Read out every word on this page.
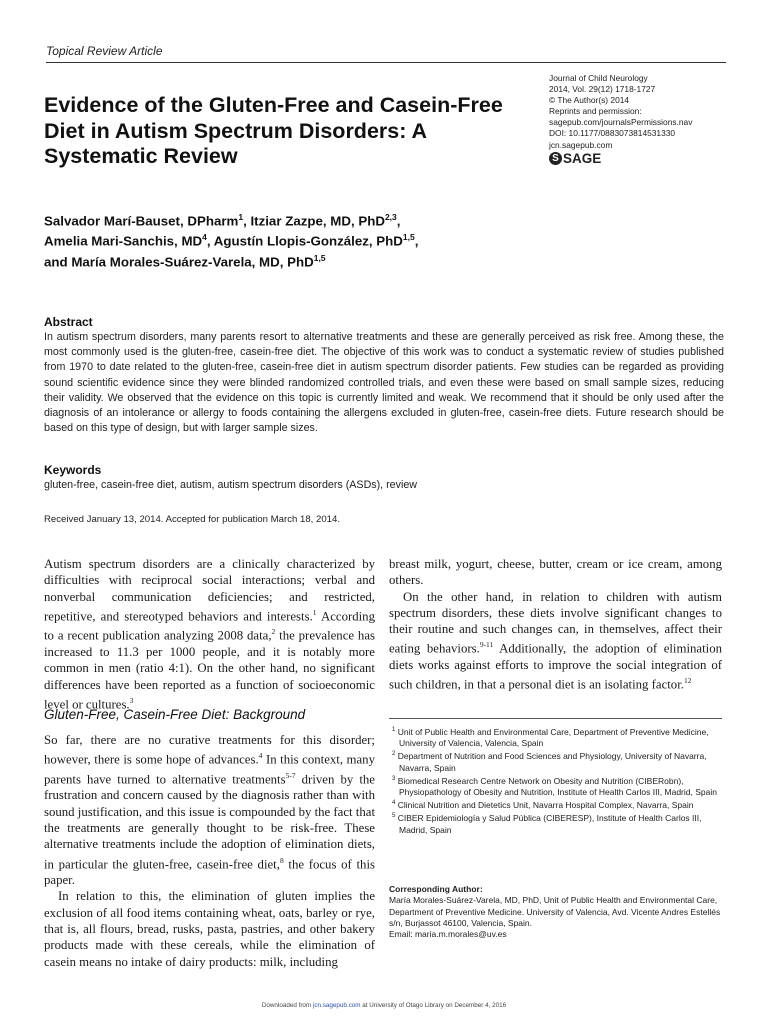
Topical Review Article
Journal of Child Neurology
2014, Vol. 29(12) 1718-1727
© The Author(s) 2014
Reprints and permission:
sagepub.com/journalsPermissions.nav
DOI: 10.1177/0883073814531330
jcn.sagepub.com
S SAGE
Evidence of the Gluten-Free and Casein-Free Diet in Autism Spectrum Disorders: A Systematic Review
Salvador Marí-Bauset, DPharm$^1$, Itziar Zazpe, MD, PhD$^{2,3}$,
Amelia Mari-Sanchis, $MD^4$, Agustín Llopis-González, PhD$^{1,5}$,
and María Morales-Suárez-Varela, MD, PhD$^{1,5}$
Abstract
In autism spectrum disorders, many parents resort to alternative treatments and these are generally perceived as risk free. Among these, the most commonly used is the gluten-free, casein-free diet. The objective of this work was to conduct a systematic review of studies published from 1970 to date related to the gluten-free, casein-free diet in autism spectrum disorder patients. Few studies can be regarded as providing sound scientific evidence since they were blinded randomized controlled trials, and even these were based on small sample sizes, reducing their validity. We observed that the evidence on this topic is currently limited and weak. We recommend that it should be only used after the diagnosis of an intolerance or allergy to foods containing the allergens excluded in gluten-free, casein-free diets. Future research should be based on this type of design, but with larger sample sizes.
Keywords
gluten-free, casein-free diet, autism, autism spectrum disorders (ASDs), review
Received January 13, 2014. Accepted for publication March 18, 2014.

Autism spectrum disorders are a clinically characterized by difficulties with reciprocal social interactions; verbal and nonverbal communication deficiencies; and restricted, repetitive, and stereotyped behaviors and interests.$^1$ According to a recent publication analyzing 2008 data,$^2$ the prevalence has increased to 11.3 per 1000 people, and it is notably more common in men (ratio 4:1). On the other hand, no significant differences have been reported as a function of socioeconomic level or cultures.$^3$

breast milk, yogurt, cheese, butter, cream or ice cream, among others.

On the other hand, in relation to children with autism spectrum disorders, these diets involve significant changes to their routine and such changes can, in themselves, affect their eating behaviors.$^{9-11}$ Additionally, the adoption of elimination diets works against efforts to improve the social integration of such children, in that a personal diet is an isolating factor.$^{12}$

Gluten-Free, Casein-Free Diet: Background

So far, there are no curative treatments for this disorder; however, there is some hope of advances.$^4$ In this context, many parents have turned to alternative treatments$^{5-7}$ driven by the frustration and concern caused by the diagnosis rather than with sound justification, and this issue is compounded by the fact that the treatments are generally thought to be risk-free. These alternative treatments include the adoption of elimination diets, in particular the gluten-free, casein-free diet,$^8$ the focus of this paper.

In relation to this, the elimination of gluten implies the exclusion of all food items containing wheat, oats, barley or rye, that is, all flours, bread, rusks, pasta, pastries, and other bakery products made with these cereals, while the elimination of casein means no intake of dairy products: milk, including

$^1$ Unit of Public Health and Environmental Care, Department of Preventive Medicine, University of Valencia, Valencia, Spain

$^2$ Department of Nutrition and Food Sciences and Physiology, University of Navarra, Navarra, Spain

$^3$ Biomedical Research Centre Network on Obesity and Nutrition (CIBERobn), Physiopathology of Obesity and Nutrition, Institute of Health Carlos III, Madrid, Spain

$^4$ Clinical Nutrition and Dietetics Unit, Navarra Hospital Complex, Navarra, Spain

$^5$ CIBER Epidemiología y Salud Pública (CIBERESP), Institute of Health Carlos III, Madrid, Spain

Corresponding Author:
María Morales-Suárez-Varela, MD, PhD, Unit of Public Health and Environmental Care, Department of Preventive Medicine. University of Valencia, Avd. Vicente Andres Estellés s/n, Burjassot 46100, Valencia, Spain.
Email: maria.m.morales@uv.es
Downloaded from jcn.sagepub.com at University of Otago Library on December 4, 2016
